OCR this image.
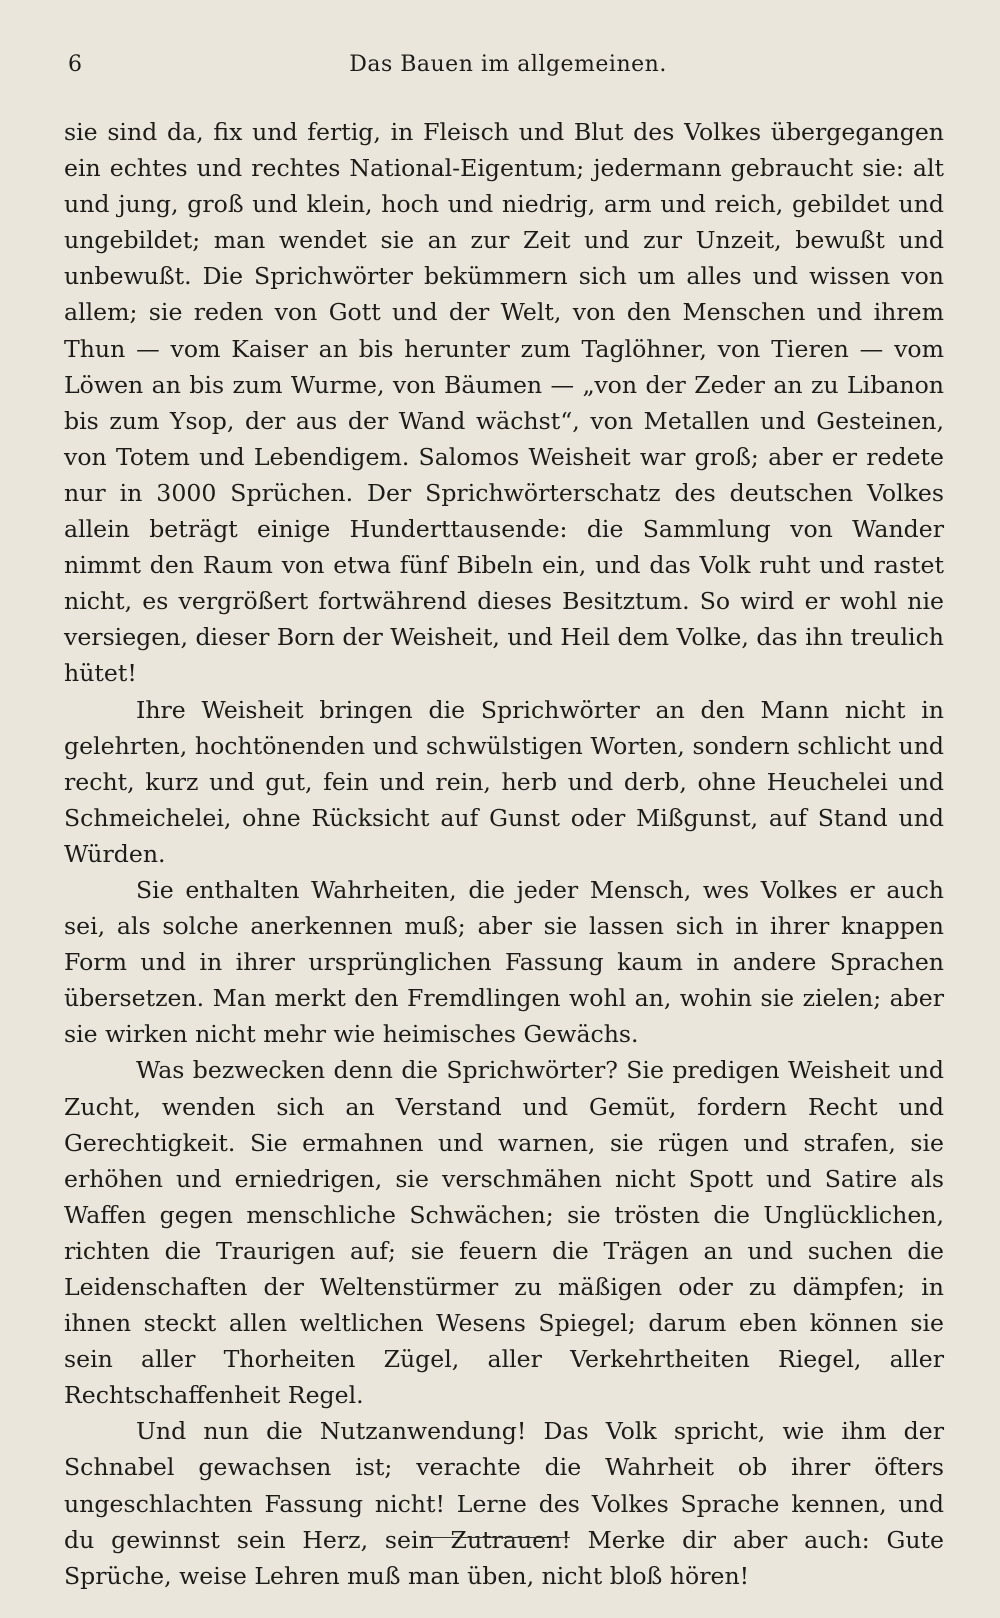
6	Das Bauen im allgemeinen.

sie sind da, fix und fertig, in Fleisch und Blut des Volkes übergegangen ein echtes und rechtes National-Eigentum; jedermann gebraucht sie: alt und jung, groß und klein, hoch und niedrig, arm und reich, gebildet und ungebildet; man wendet sie an zur Zeit und zur Unzeit, bewußt und unbewußt. Die Sprichwörter bekümmern sich um alles und wissen von allem; sie reden von Gott und der Welt, von den Menschen und ihrem Thun — vom Kaiser an bis herunter zum Taglöhner, von Tieren — vom Löwen an bis zum Wurme, von Bäumen — „von der Zeder an zu Libanon bis zum Ysop, der aus der Wand wächst“, von Metallen und Gesteinen, von Totem und Lebendigem. Salomos Weisheit war groß; aber er redete nur in 3000 Sprüchen. Der Sprichwörterschatz des deutschen Volkes allein beträgt einige Hunderttausende: die Sammlung von Wander nimmt den Raum von etwa fünf Bibeln ein, und das Volk ruht und rastet nicht, es vergrößert fortwährend dieses Besitztum. So wird er wohl nie versiegen, dieser Born der Weisheit, und Heil dem Volke, das ihn treulich hütet!

Ihre Weisheit bringen die Sprichwörter an den Mann nicht in gelehrten, hochtönenden und schwülstigen Worten, sondern schlicht und recht, kurz und gut, fein und rein, herb und derb, ohne Heuchelei und Schmeichelei, ohne Rücksicht auf Gunst oder Mißgunst, auf Stand und Würden.

Sie enthalten Wahrheiten, die jeder Mensch, wes Volkes er auch sei, als solche anerkennen muß; aber sie lassen sich in ihrer knappen Form und in ihrer ursprünglichen Fassung kaum in andere Sprachen übersetzen. Man merkt den Fremdlingen wohl an, wohin sie zielen; aber sie wirken nicht mehr wie heimisches Gewächs.

Was bezwecken denn die Sprichwörter? Sie predigen Weisheit und Zucht, wenden sich an Verstand und Gemüt, fordern Recht und Gerechtigkeit. Sie ermahnen und warnen, sie rügen und strafen, sie erhöhen und erniedrigen, sie verschmähen nicht Spott und Satire als Waffen gegen menschliche Schwächen; sie trösten die Unglücklichen, richten die Traurigen auf; sie feuern die Trägen an und suchen die Leidenschaften der Weltenstürmer zu mäßigen oder zu dämpfen; in ihnen steckt allen weltlichen Wesens Spiegel; darum eben können sie sein aller Thorheiten Zügel, aller Verkehrtheiten Riegel, aller Rechtschaffenheit Regel.

Und nun die Nutzanwendung! Das Volk spricht, wie ihm der Schnabel gewachsen ist; verachte die Wahrheit ob ihrer öfters ungeschlachten Fassung nicht! Lerne des Volkes Sprache kennen, und du gewinnst sein Herz, sein Zutrauen! Merke dir aber auch: Gute Sprüche, weise Lehren muß man üben, nicht bloß hören!
